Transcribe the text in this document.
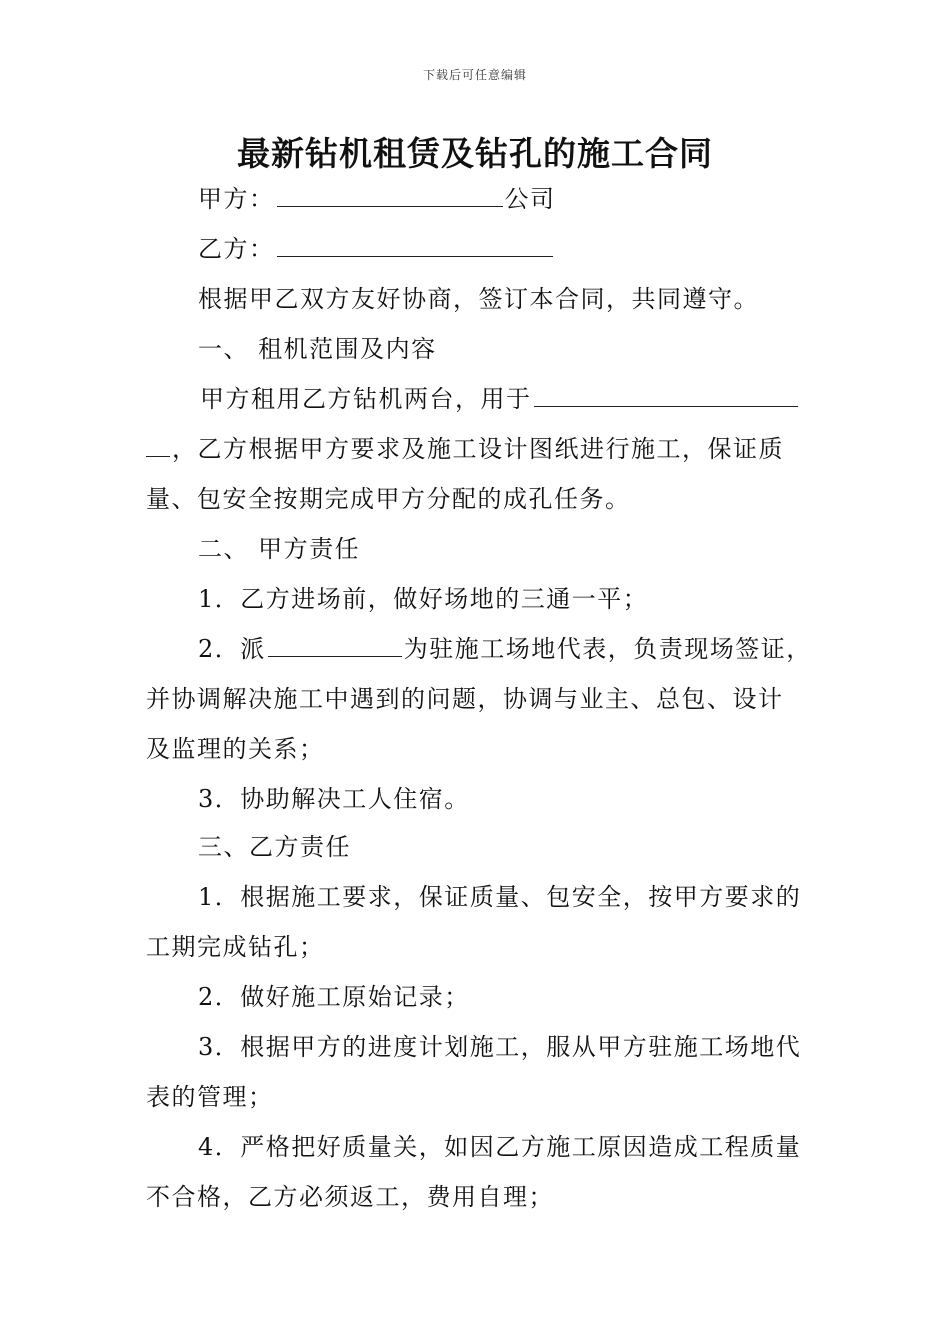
下载后可任意编辑
最新钻机租赁及钻孔的施工合同
甲方：	公司
乙方：
根据甲乙双方友好协商，签订本合同，共同遵守。
一、 租机范围及内容
甲方租用乙方钻机两台，用于
，乙方根据甲方要求及施工设计图纸进行施工，保证质
量、包安全按期完成甲方分配的成孔任务。
二、 甲方责任
1．乙方进场前，做好场地的三通一平；
2．派	为驻施工场地代表，负责现场签证，
并协调解决施工中遇到的问题，协调与业主、总包、设计
及监理的关系；
3．协助解决工人住宿。
三、乙方责任
1．根据施工要求，保证质量、包安全，按甲方要求的
工期完成钻孔；
2．做好施工原始记录；
3．根据甲方的进度计划施工，服从甲方驻施工场地代
表的管理；
4．严格把好质量关，如因乙方施工原因造成工程质量
不合格，乙方必须返工，费用自理；
